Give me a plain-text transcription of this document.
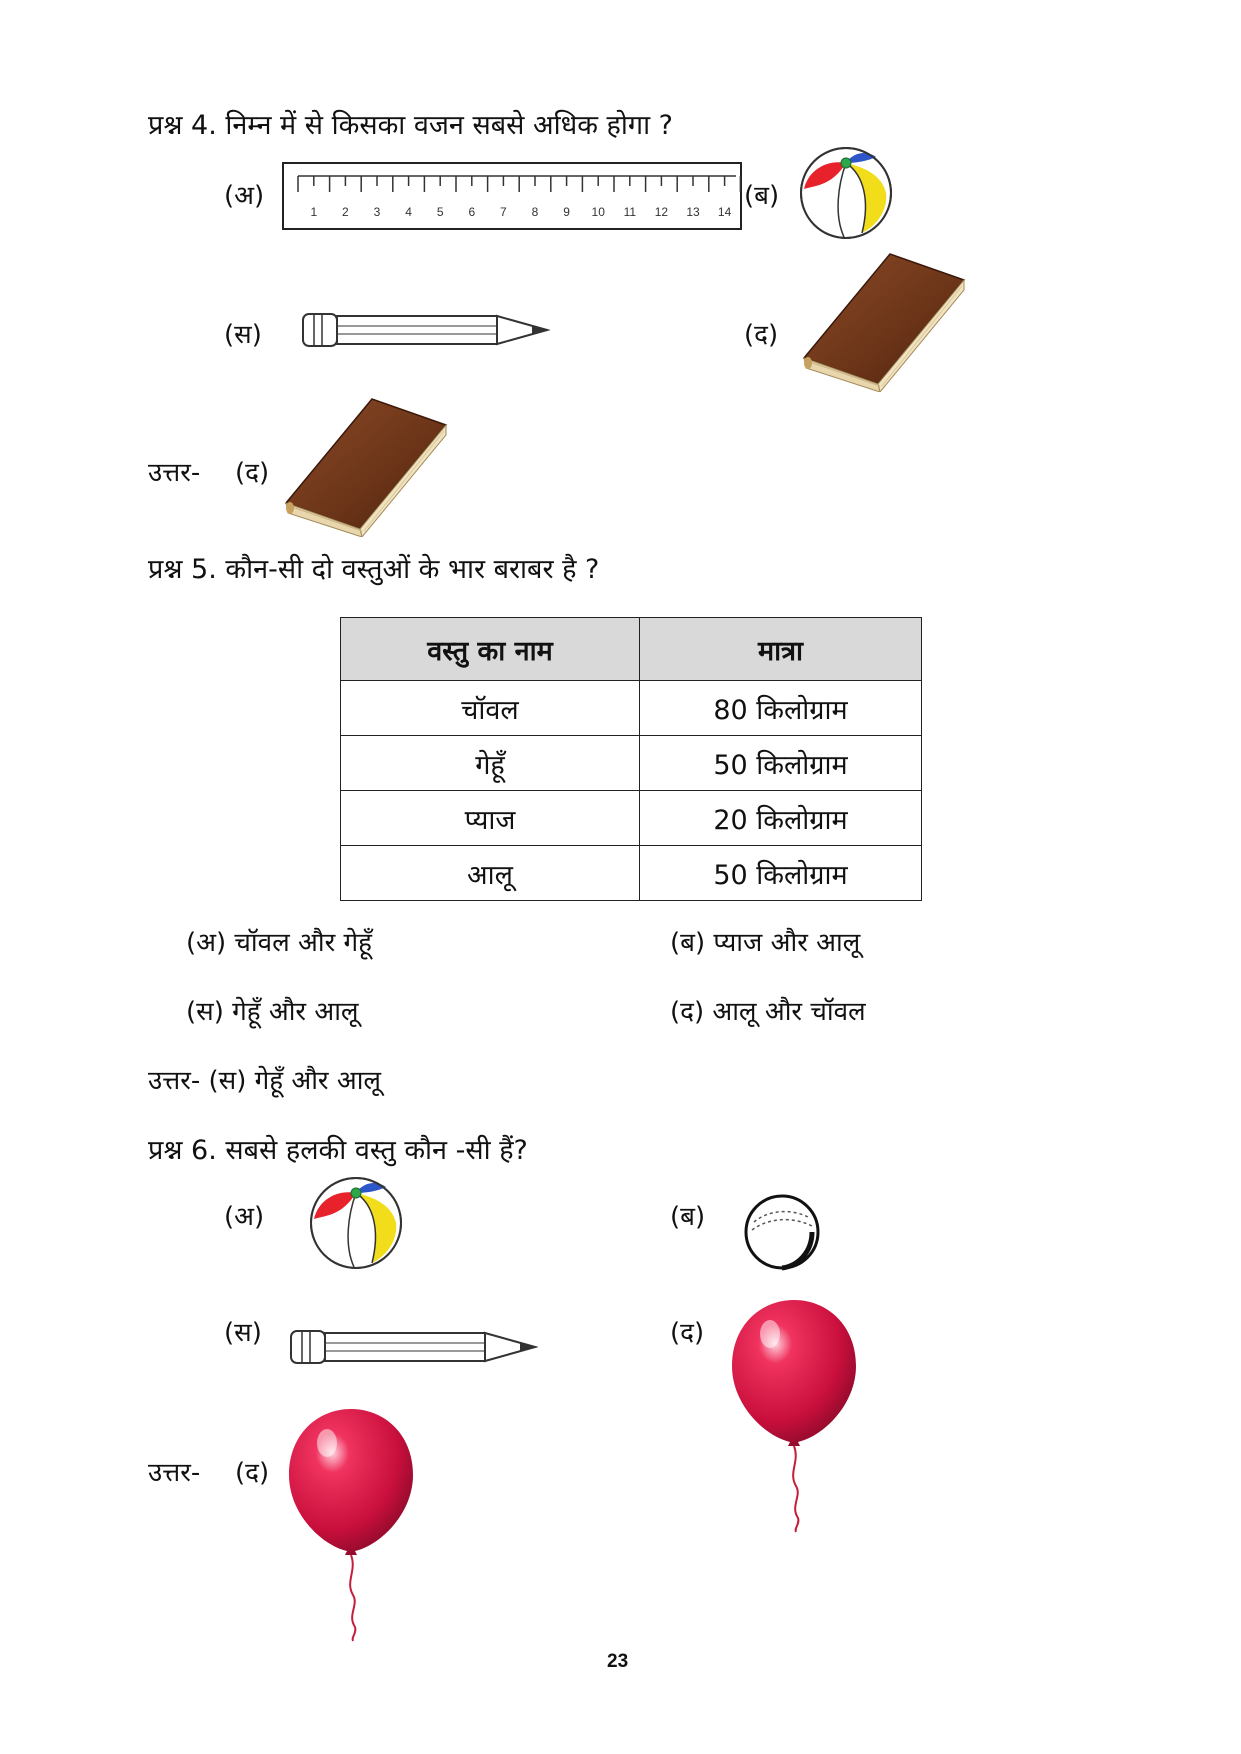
प्रश्न 4. निम्न में से किसका वजन सबसे अधिक होगा ?
(अ)
1 2 3 4 5 6 7 8 9 10 11 12 13 14
(ब)
(स)	(द)
उत्तर- (द)
प्रश्न 5. कौन-सी दो वस्तुओं के भार बराबर है ?
वस्तु का नाम	मात्रा
चॉवल	80 किलोग्राम
गेहूँ	50 किलोग्राम
प्याज	20 किलोग्राम
आलू	50 किलोग्राम
(अ) चॉवल और गेहूँ	(ब) प्याज और आलू
(स) गेहूँ और आलू	(द) आलू और चॉवल
उत्तर- (स) गेहूँ और आलू
प्रश्न 6. सबसे हलकी वस्तु कौन -सी हैं?
(अ)	(ब)
(स)	(द)
उत्तर- (द)
23
